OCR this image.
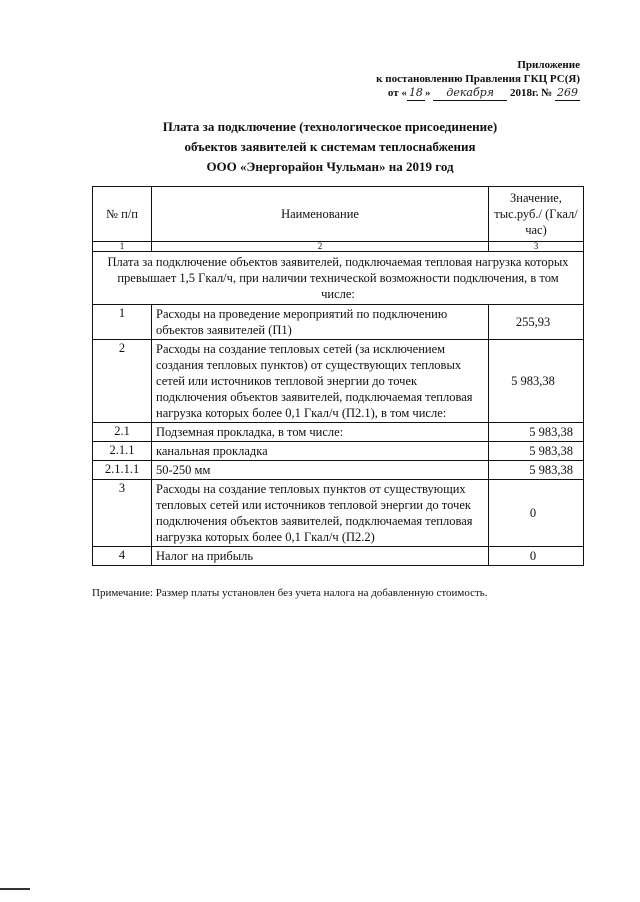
Приложение
к постановлению Правления ГКЦ РС(Я)
от « 18 » декабря 2018г. № 269
Плата за подключение (технологическое присоединение)
объектов заявителей к системам теплоснабжения
ООО «Энергорайон Чульман» на 2019 год
№ п/п	Наименование	Значение, тыс.руб./ (Гкал/час)
1	2	3
Плата за подключение объектов заявителей, подключаемая тепловая нагрузка которых превышает 1,5 Гкал/ч, при наличии технической возможности подключения, в том числе:		
1	Расходы на проведение мероприятий по подключению объектов заявителей (П1)	255,93
2	Расходы на создание тепловых сетей (за исключением создания тепловых пунктов) от существующих тепловых сетей или источников тепловой энергии до точек подключения объектов заявителей, подключаемая тепловая нагрузка которых более 0,1 Гкал/ч (П2.1), в том числе:	5 983,38
2.1	Подземная прокладка, в том числе:	5 983,38
2.1.1	канальная прокладка	5 983,38
2.1.1.1	50-250 мм	5 983,38
3	Расходы на создание тепловых пунктов от существующих тепловых сетей или источников тепловой энергии до точек подключения объектов заявителей, подключаемая тепловая нагрузка которых более 0,1 Гкал/ч (П2.2)	0
4	Налог на прибыль	0
Примечание: Размер платы установлен без учета налога на добавленную стоимость.
